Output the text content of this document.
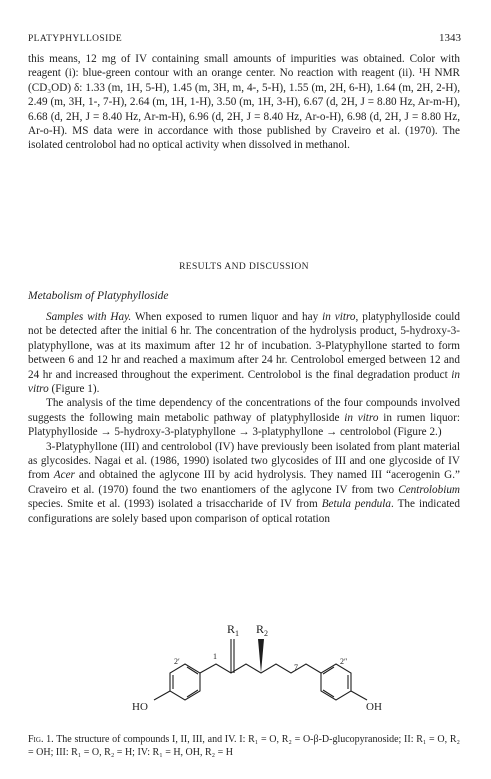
PLATYPHYLLOSIDE	1343

this means, 12 mg of IV containing small amounts of impurities was obtained. Color with reagent (i): blue-green contour with an orange center. No reaction with reagent (ii). ¹H NMR (CD₃OD) δ: 1.33 (m, 1H, 5-H), 1.45 (m, 3H, m, 4-, 5-H), 1.55 (m, 2H, 6-H), 1.64 (m, 2H, 2-H), 2.49 (m, 3H, 1-, 7-H), 2.64 (m, 1H, 1-H), 3.50 (m, 1H, 3-H), 6.67 (d, 2H, J = 8.80 Hz, Ar-m-H), 6.68 (d, 2H, J = 8.40 Hz, Ar-m-H), 6.96 (d, 2H, J = 8.40 Hz, Ar-o-H), 6.98 (d, 2H, J = 8.80 Hz, Ar-o-H). MS data were in accordance with those published by Craveiro et al. (1970). The isolated centrolobol had no optical activity when dissolved in methanol.

RESULTS AND DISCUSSION
Metabolism of Platyphylloside

Samples with Hay. When exposed to rumen liquor and hay in vitro, platyphylloside could not be detected after the initial 6 hr. The concentration of the hydrolysis product, 5-hydroxy-3-platyphyllone, was at its maximum after 12 hr of incubation. 3-Platyphyllone started to form between 6 and 12 hr and reached a maximum after 24 hr. Centrolobol emerged between 12 and 24 hr and increased throughout the experiment. Centrolobol is the final degradation product in vitro (Figure 1).

The analysis of the time dependency of the concentrations of the four compounds involved suggests the following main metabolic pathway of platyphylloside in vitro in rumen liquor: Platyphylloside → 5-hydroxy-3-platyphyllone → 3-platyphyllone → centrolobol (Figure 2.)

3-Platyphyllone (III) and centrolobol (IV) have previously been isolated from plant material as glycosides. Nagai et al. (1986, 1990) isolated two glycosides of III and one glycoside of IV from Acer and obtained the aglycone III by acid hydrolysis. They named III “acerogenin G.” Craveiro et al. (1970) found the two enantiomers of the aglycone IV from two Centrolobium species. Smite et al. (1993) isolated a trisaccharide of IV from Betula pendula. The indicated configurations are solely based upon comparison of optical rotation

$R_1$ $R_2$
1
7
2′	2″
HO	OH
Fig. 1. The structure of compounds I, II, III, and IV. I: R₁ = O, R₂ = O-β-D-glucopyranoside; II: R₁ = O, R₂ = OH; III: R₁ = O, R₂ = H; IV: R₁ = H, OH, R₂ = H
